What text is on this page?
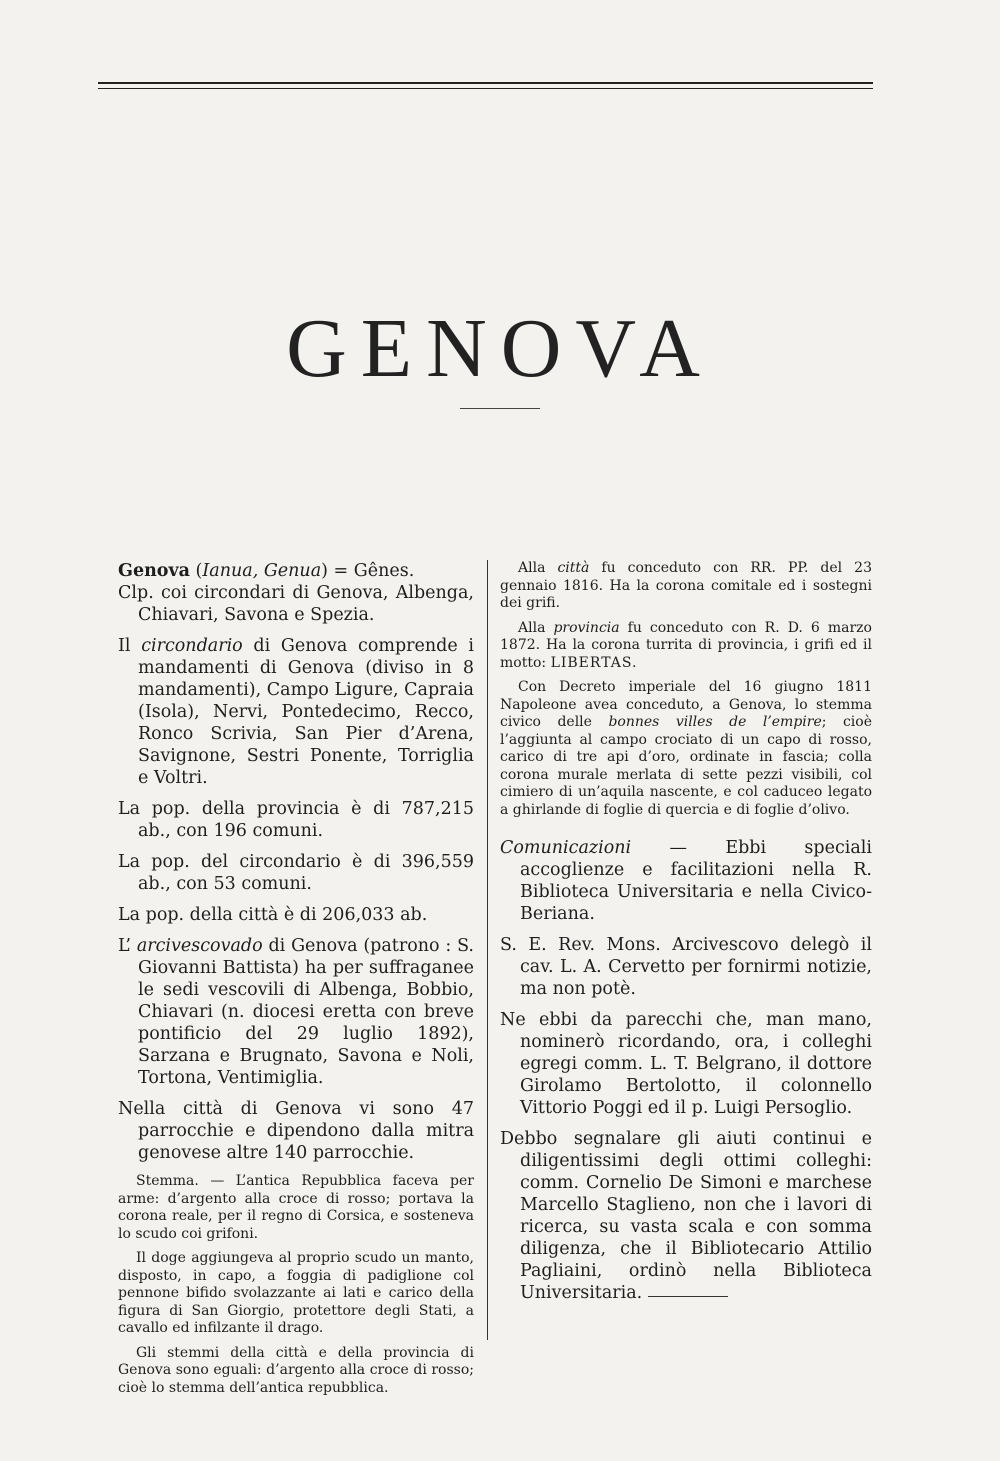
GENOVA

Genova (Ianua, Genua) = Gênes.

Clp. coi circondari di Genova, Albenga, Chiavari, Savona e Spezia.

Il circondario di Genova comprende i mandamenti di Genova (diviso in 8 mandamenti), Campo Ligure, Capraia (Isola), Nervi, Pontedecimo, Recco, Ronco Scrivia, San Pier d’Arena, Savignone, Sestri Ponente, Torriglia e Voltri.

La pop. della provincia è di 787,215 ab., con 196 comuni.

La pop. del circondario è di 396,559 ab., con 53 comuni.

La pop. della città è di 206,033 ab.

L’ arcivescovado di Genova (patrono : S. Giovanni Battista) ha per suffraganee le sedi vescovili di Albenga, Bobbio, Chiavari (n. diocesi eretta con breve pontificio del 29 luglio 1892), Sarzana e Brugnato, Savona e Noli, Tortona, Ventimiglia.

Nella città di Genova vi sono 47 parrocchie e dipendono dalla mitra genovese altre 140 parrocchie.

Stemma. — L’antica Repubblica faceva per arme: d’argento alla croce di rosso; portava la corona reale, per il regno di Corsica, e sosteneva lo scudo coi grifoni.

Il doge aggiungeva al proprio scudo un manto, disposto, in capo, a foggia di padiglione col pennone bifido svolazzante ai lati e carico della figura di San Giorgio, protettore degli Stati, a cavallo ed infilzante il drago.

Gli stemmi della città e della provincia di Genova sono eguali: d’argento alla croce di rosso; cioè lo stemma dell’antica repubblica.

Alla città fu conceduto con RR. PP. del 23 gennaio 1816. Ha la corona comitale ed i sostegni dei grifi.

Alla provincia fu conceduto con R. D. 6 marzo 1872. Ha la corona turrita di provincia, i grifi ed il motto: LIBERTAS.

Con Decreto imperiale del 16 giugno 1811 Napoleone avea conceduto, a Genova, lo stemma civico delle bonnes villes de l’empire; cioè l’aggiunta al campo crociato di un capo di rosso, carico di tre api d’oro, ordinate in fascia; colla corona murale merlata di sette pezzi visibili, col cimiero di un’aquila nascente, e col caduceo legato a ghirlande di foglie di quercia e di foglie d’olivo.

Comunicazioni — Ebbi speciali accoglienze e facilitazioni nella R. Biblioteca Universitaria e nella Civico-Beriana.

S. E. Rev. Mons. Arcivescovo delegò il cav. L. A. Cervetto per fornirmi notizie, ma non potè.

Ne ebbi da parecchi che, man mano, nominerò ricordando, ora, i colleghi egregi comm. L. T. Belgrano, il dottore Girolamo Bertolotto, il colonnello Vittorio Poggi ed il p. Luigi Persoglio.

Debbo segnalare gli aiuti continui e diligentissimi degli ottimi colleghi: comm. Cornelio De Simoni e marchese Marcello Staglieno, non che i lavori di ricerca, su vasta scala e con somma diligenza, che il Bibliotecario Attilio Pagliaini, ordinò nella Biblioteca Universitaria.
